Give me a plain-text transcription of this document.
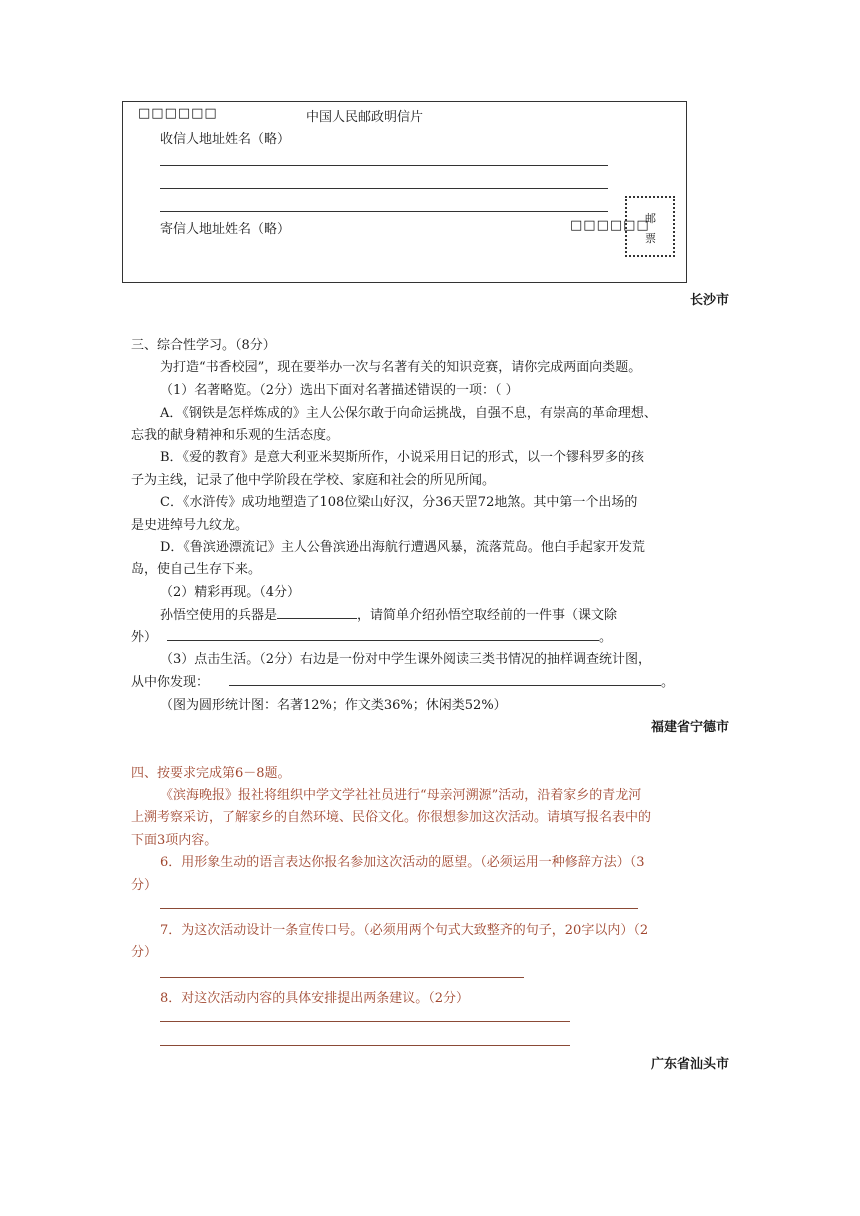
□□□□□□	中国人民邮政明信片
收信人地址姓名（略）
寄信人地址姓名（略）	□□□□□□
邮
票
长沙市
三、综合性学习。（8分）
为打造“书香校园”，现在要举办一次与名著有关的知识竞赛，请你完成两面向类题。
（1）名著略览。（2分）选出下面对名著描述错误的一项：（ ）
A．《钢铁是怎样炼成的》主人公保尔敢于向命运挑战，自强不息，有崇高的革命理想、
忘我的献身精神和乐观的生活态度。
B．《爱的教育》是意大利亚米契斯所作，小说采用日记的形式，以一个镠科罗多的孩
子为主线，记录了他中学阶段在学校、家庭和社会的所见所闻。
C．《水浒传》成功地塑造了108位梁山好汉，分36天罡72地煞。其中第一个出场的
是史进绰号九纹龙。
D．《鲁滨逊漂流记》主人公鲁滨逊出海航行遭遇风暴，流落荒岛。他白手起家开发荒
岛，使自己生存下来。
（2）精彩再现。（4分）
孙悟空使用的兵器是	，请简单介绍孙悟空取经前的一件事（课文除
外）	。
（3）点击生活。（2分）右边是一份对中学生课外阅读三类书情况的抽样调查统计图，
从中你发现：	。
（图为圆形统计图：名著12%；作文类36%；休闲类52%）
福建省宁德市
四、按要求完成第6－8题。
《滨海晚报》报社将组织中学文学社社员进行“母亲河溯源”活动，沿着家乡的青龙河
上溯考察采访，了解家乡的自然环境、民俗文化。你很想参加这次活动。请填写报名表中的
下面3项内容。
6．用形象生动的语言表达你报名参加这次活动的愿望。（必须运用一种修辞方法）（3
分）
7．为这次活动设计一条宣传口号。（必须用两个句式大致整齐的句子，20字以内）（2
分）
8．对这次活动内容的具体安排提出两条建议。（2分）
广东省汕头市
